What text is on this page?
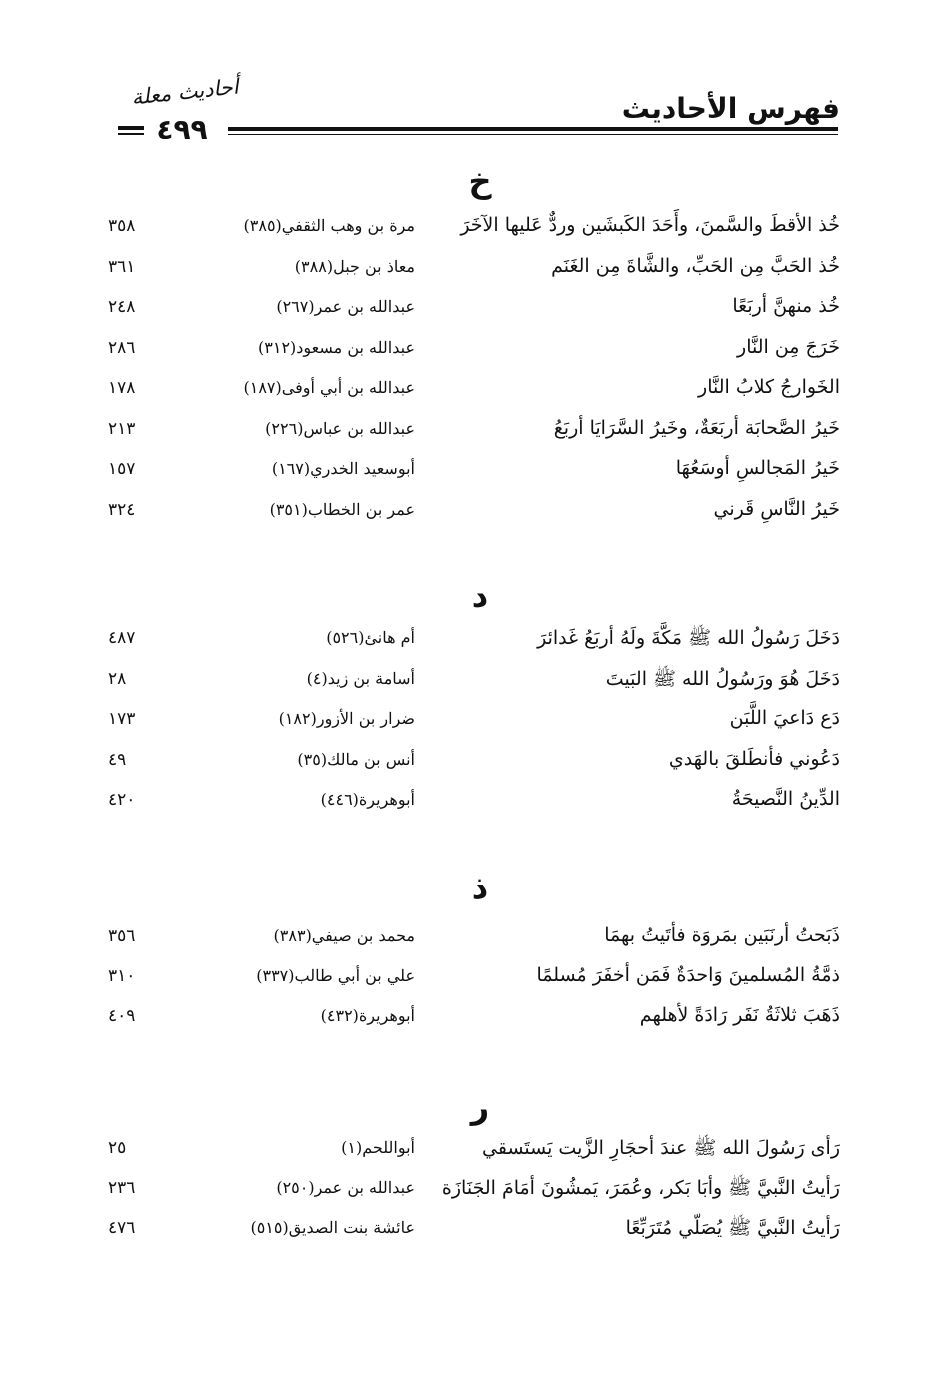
أحاديث معلة
٤٩٩
فهرس الأحاديث
خ
خُذ الأقطَ والسَّمنَ، وأَحَدَ الكَبشَين وردٌّ عَليها الآخَرَ
مرة بن وهب الثقفي(٣٨٥)
٣٥٨
خُذ الحَبَّ مِن الحَبِّ، والشَّاةَ مِن الغَنَم
معاذ بن جبل(٣٨٨)
٣٦١
خُذ منهنَّ أربَعًا
عبدالله بن عمر(٢٦٧)
٢٤٨
خَرَجَ مِن النَّار
عبدالله بن مسعود(٣١٢)
٢٨٦
الخَوارجُ كلابُ النَّار
عبدالله بن أبي أوفى(١٨٧)
١٧٨
خَيرُ الصَّحابَة أربَعَةٌ، وخَيرُ السَّرَايَا أربَعُ
عبدالله بن عباس(٢٢٦)
٢١٣
خَيرُ المَجالسِ أوسَعُهَا
أبوسعيد الخدري(١٦٧)
١٥٧
خَيرُ النَّاسِ قَرني
عمر بن الخطاب(٣٥١)
٣٢٤
د
دَخَلَ رَسُولُ الله ﷺ مَكَّةَ ولَهُ أربَعُ غَدائرَ
أم هانئ(٥٢٦)
٤٨٧
دَخَلَ هُوَ ورَسُولُ الله ﷺ البَيتَ
أسامة بن زيد(٤)
٢٨
دَع دَاعيَ اللَّبَن
ضرار بن الأزور(١٨٢)
١٧٣
دَعُوني فأنطَلقَ بالهَدي
أنس بن مالك(٣٥)
٤٩
الدِّينُ النَّصيحَةُ
أبوهريرة(٤٤٦)
٤٢٠
ذ
ذَبَحتُ أرنَبَين بمَروَة فأتَيتُ بهمَا
محمد بن صيفي(٣٨٣)
٣٥٦
ذمَّةُ المُسلمينَ وَاحدَةٌ فَمَن أخفَرَ مُسلمًا
علي بن أبي طالب(٣٣٧)
٣١٠
ذَهَبَ ثلاثَةُ نَفَر رَادَةً لأهلهم
أبوهريرة(٤٣٢)
٤٠٩
ر
رَأى رَسُولَ الله ﷺ عندَ أحجَارِ الزَّيت يَستَسقي
أبواللحم(١)
٢٥
رَأيتُ النَّبيَّ ﷺ وأبَا بَكر، وعُمَرَ، يَمشُونَ أمَامَ الجَنَازَة
عبدالله بن عمر(٢٥٠)
٢٣٦
رَأيتُ النَّبيَّ ﷺ يُصَلّي مُتَرَبِّعًا
عائشة بنت الصديق(٥١٥)
٤٧٦
